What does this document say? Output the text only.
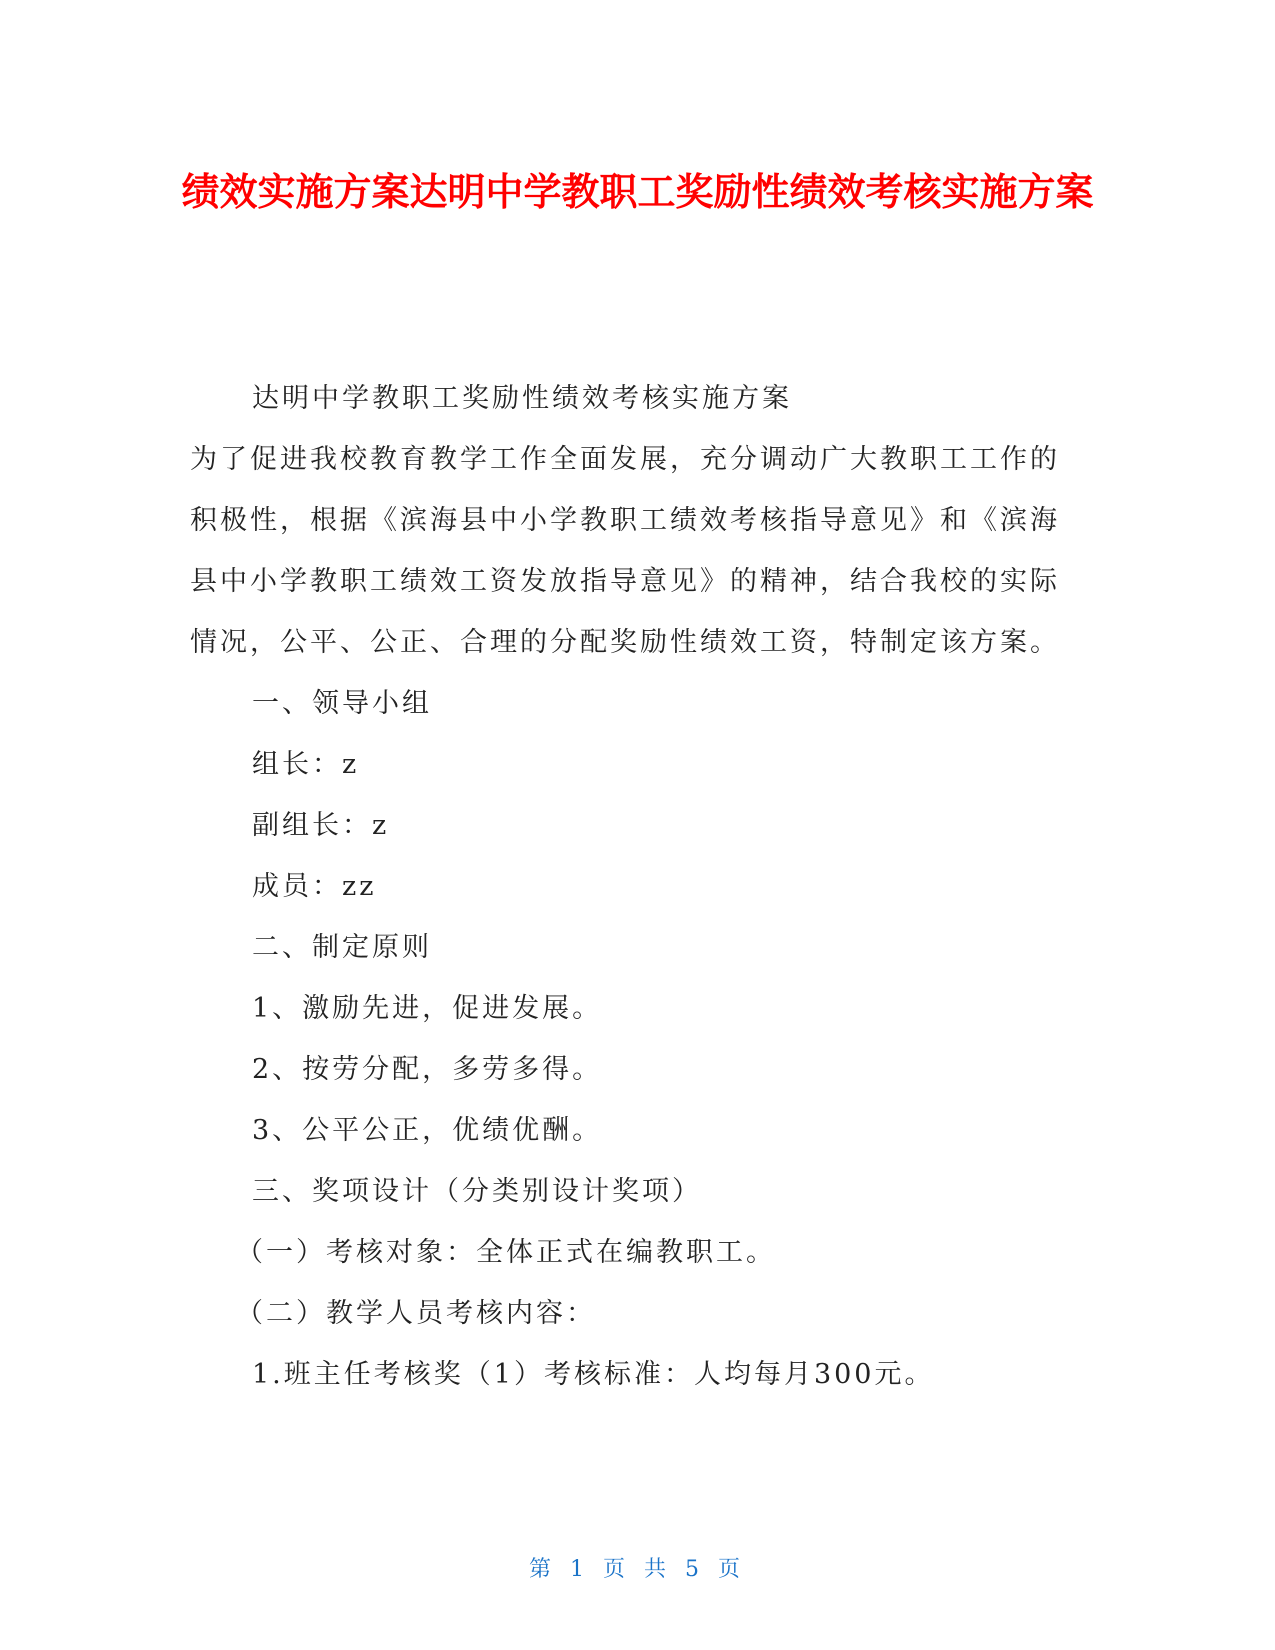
绩效实施方案达明中学教职工奖励性绩效考核实施方案

达明中学教职工奖励性绩效考核实施方案

为了促进我校教育教学工作全面发展，充分调动广大教职工工作的积极性，根据《滨海县中小学教职工绩效考核指导意见》和《滨海县中小学教职工绩效工资发放指导意见》的精神，结合我校的实际情况，公平、公正、合理的分配奖励性绩效工资，特制定该方案。

一、领导小组

组长：z

副组长：z

成员：zz

二、制定原则

1、激励先进，促进发展。

2、按劳分配，多劳多得。

3、公平公正，优绩优酬。

三、奖项设计（分类别设计奖项）

（一）考核对象：全体正式在编教职工。

（二）教学人员考核内容：

1.班主任考核奖（1）考核标准：人均每月300元。

第 1 页 共 5 页
